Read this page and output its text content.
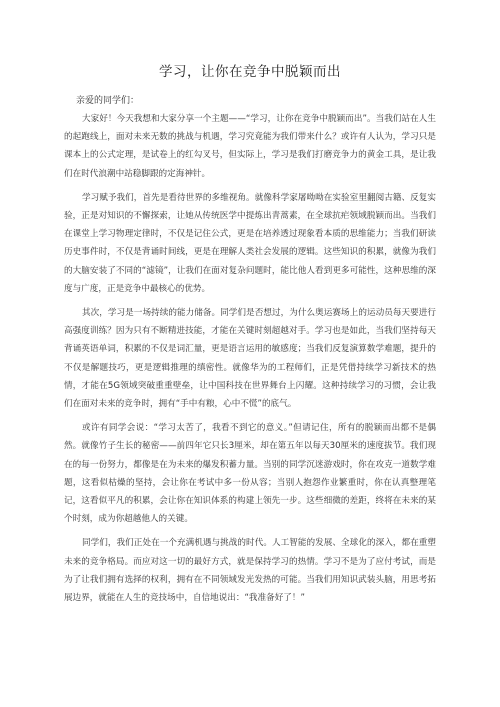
学习，让你在竞争中脱颖而出

亲爱的同学们：

大家好！今天我想和大家分享一个主题——“学习，让你在竞争中脱颖而出”。当我们站在人生的起跑线上，面对未来无数的挑战与机遇，学习究竟能为我们带来什么？或许有人认为，学习只是课本上的公式定理，是试卷上的红勾叉号，但实际上，学习是我们打磨竞争力的黄金工具，是让我们在时代浪潮中站稳脚跟的定海神针。

学习赋予我们，首先是看待世界的多维视角。就像科学家屠呦呦在实验室里翻阅古籍、反复实验，正是对知识的不懈探索，让她从传统医学中提炼出青蒿素，在全球抗疟领域脱颖而出。当我们在课堂上学习物理定律时，不仅是记住公式，更是在培养透过现象看本质的思维能力；当我们研读历史事件时，不仅是背诵时间线，更是在理解人类社会发展的逻辑。这些知识的积累，就像为我们的大脑安装了不同的“滤镜”，让我们在面对复杂问题时，能比他人看到更多可能性，这种思维的深度与广度，正是竞争中最核心的优势。

其次，学习是一场持续的能力储备。同学们是否想过，为什么奥运赛场上的运动员每天要进行高强度训练？因为只有不断精进技能，才能在关键时刻超越对手。学习也是如此，当我们坚持每天背诵英语单词，积累的不仅是词汇量，更是语言运用的敏感度；当我们反复演算数学难题，提升的不仅是解题技巧，更是逻辑推理的缜密性。就像华为的工程师们，正是凭借持续学习新技术的热情，才能在5G领域突破重重壁垒，让中国科技在世界舞台上闪耀。这种持续学习的习惯，会让我们在面对未来的竞争时，拥有“手中有粮，心中不慌”的底气。

或许有同学会说：“学习太苦了，我看不到它的意义。”但请记住，所有的脱颖而出都不是偶然。就像竹子生长的秘密——前四年它只长3厘米，却在第五年以每天30厘米的速度拔节。我们现在的每一份努力，都像是在为未来的爆发积蓄力量。当别的同学沉迷游戏时，你在攻克一道数学难题，这看似枯燥的坚持，会让你在考试中多一份从容；当别人抱怨作业繁重时，你在认真整理笔记，这看似平凡的积累，会让你在知识体系的构建上领先一步。这些细微的差距，终将在未来的某个时刻，成为你超越他人的关键。

同学们，我们正处在一个充满机遇与挑战的时代。人工智能的发展、全球化的深入，都在重塑未来的竞争格局。而应对这一切的最好方式，就是保持学习的热情。学习不是为了应付考试，而是为了让我们拥有选择的权利，拥有在不同领域发光发热的可能。当我们用知识武装头脑，用思考拓展边界，就能在人生的竞技场中，自信地说出：“我准备好了！”
